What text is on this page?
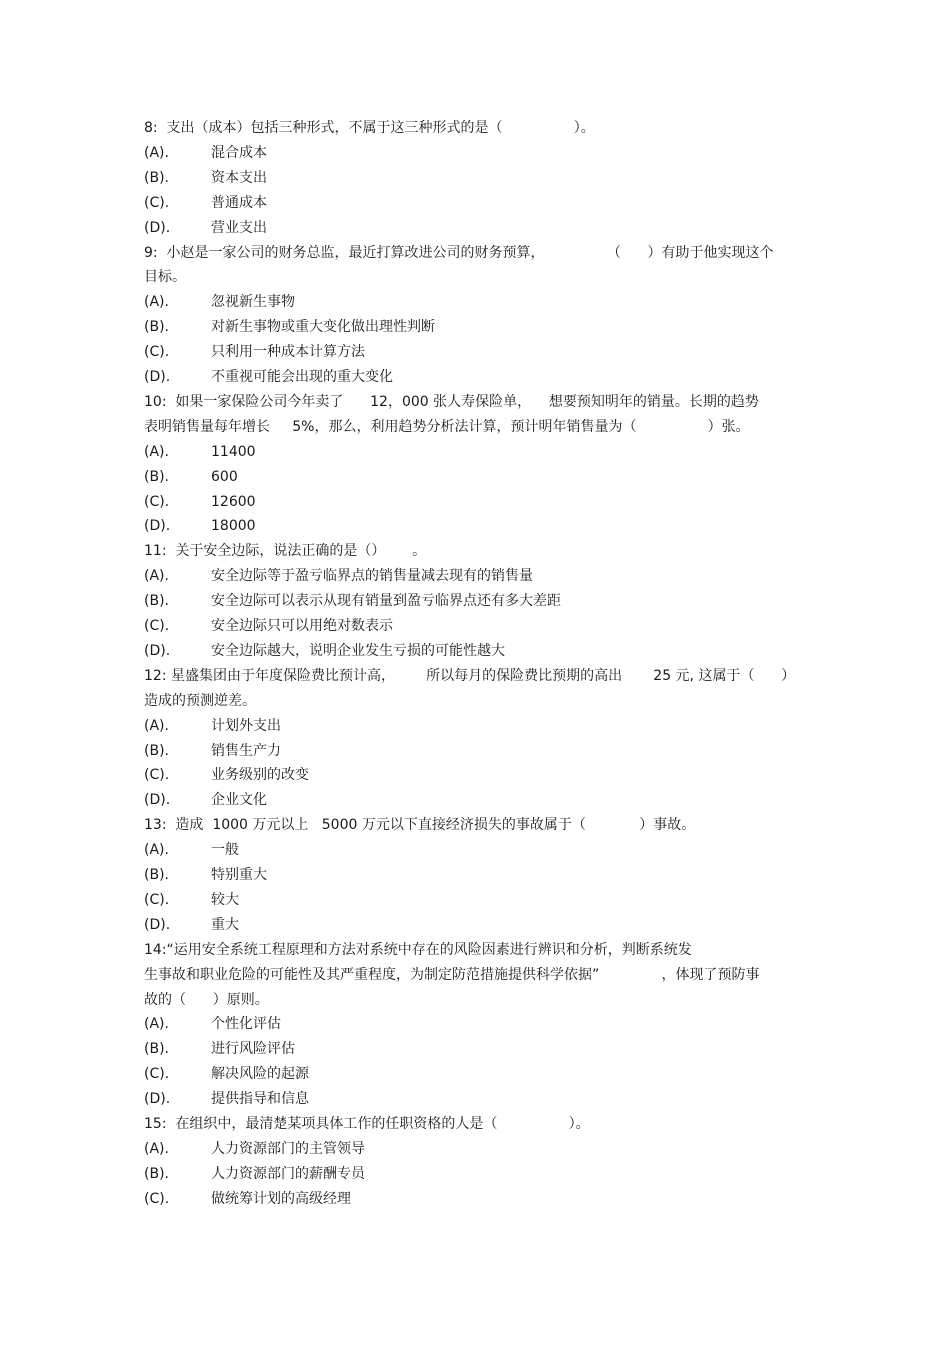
8:  支出（成本）包括三种形式，不属于这三种形式的是（                ）。
(A).	混合成本
(B).	资本支出
(C).	普通成本
(D).	营业支出
9:  小赵是一家公司的财务总监，最近打算改进公司的财务预算，              （      ）有助于他实现这个
目标。
(A).	忽视新生事物
(B).	对新生事物或重大变化做出理性判断
(C).	只利用一种成本计算方法
(D).	不重视可能会出现的重大变化
10:  如果一家保险公司今年卖了      12，000 张人寿保险单，    想要预知明年的销量。长期的趋势
表明销售量每年增长     5%，那么，利用趋势分析法计算，预计明年销售量为（                ）张。
(A).	11400
(B).	600
(C).	12600
(D).	18000
11:  关于安全边际，说法正确的是（）      。
(A).	安全边际等于盈亏临界点的销售量减去现有的销售量
(B).	安全边际可以表示从现有销量到盈亏临界点还有多大差距
(C).	安全边际只可以用绝对数表示
(D).	安全边际越大，说明企业发生亏损的可能性越大
12: 星盛集团由于年度保险费比预计高，       所以每月的保险费比预期的高出       25 元, 这属于（      ）
造成的预测逆差。
(A).	计划外支出
(B).	销售生产力
(C).	业务级别的改变
(D).	企业文化
13:  造成  1000 万元以上   5000 万元以下直接经济损失的事故属于（            ）事故。
(A).	一般
(B).	特别重大
(C).	较大
(D).	重大
14:“运用安全系统工程原理和方法对系统中存在的风险因素进行辨识和分析，判断系统发
生事故和职业危险的可能性及其严重程度，为制定防范措施提供科学依据”              ，体现了预防事
故的（      ）原则。
(A).	个性化评估
(B).	进行风险评估
(C).	解决风险的起源
(D).	提供指导和信息
15:  在组织中，最清楚某项具体工作的任职资格的人是（                ）。
(A).	人力资源部门的主管领导
(B).	人力资源部门的薪酬专员
(C).	做统筹计划的高级经理
